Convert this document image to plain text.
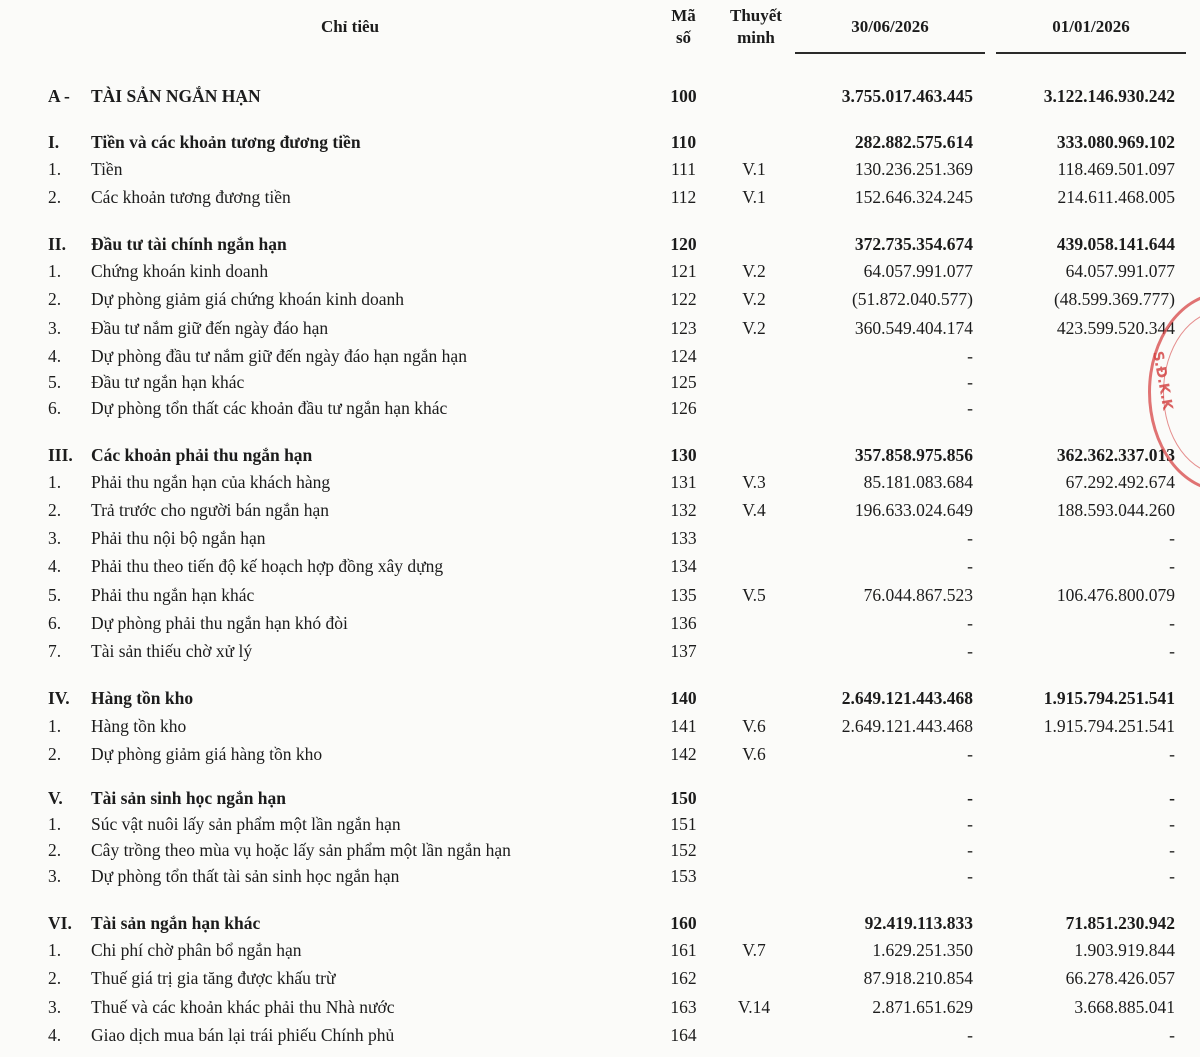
Chỉ tiêu
Mã
số
Thuyết
minh
30/06/2026	01/01/2026
A -	TÀI SẢN NGẮN HẠN	100	3.755.017.463.445	3.122.146.930.242
I.	Tiền và các khoản tương đương tiền	110	282.882.575.614	333.080.969.102
1.	Tiền	111	V.1	130.236.251.369	118.469.501.097
2.	Các khoản tương đương tiền	112	V.1	152.646.324.245	214.611.468.005
II.	Đầu tư tài chính ngắn hạn	120	372.735.354.674	439.058.141.644
1.	Chứng khoán kinh doanh	121	V.2	64.057.991.077	64.057.991.077
2.	Dự phòng giảm giá chứng khoán kinh doanh	122	V.2	(51.872.040.577)	(48.599.369.777)
3.	Đầu tư nắm giữ đến ngày đáo hạn	123	V.2	360.549.404.174	423.599.520.344
4.	Dự phòng đầu tư nắm giữ đến ngày đáo hạn ngắn hạn	124	-
5.	Đầu tư ngắn hạn khác	125	-
6.	Dự phòng tổn thất các khoản đầu tư ngắn hạn khác	126	-
III.	Các khoản phải thu ngắn hạn	130	357.858.975.856	362.362.337.013
1.	Phải thu ngắn hạn của khách hàng	131	V.3	85.181.083.684	67.292.492.674
2.	Trả trước cho người bán ngắn hạn	132	V.4	196.633.024.649	188.593.044.260
3.	Phải thu nội bộ ngắn hạn	133	-	-
4.	Phải thu theo tiến độ kế hoạch hợp đồng xây dựng	134	-	-
5.	Phải thu ngắn hạn khác	135	V.5	76.044.867.523	106.476.800.079
6.	Dự phòng phải thu ngắn hạn khó đòi	136	-	-
7.	Tài sản thiếu chờ xử lý	137	-	-
IV.	Hàng tồn kho	140	2.649.121.443.468	1.915.794.251.541
1.	Hàng tồn kho	141	V.6	2.649.121.443.468	1.915.794.251.541
2.	Dự phòng giảm giá hàng tồn kho	142	V.6	-	-
V.	Tài sản sinh học ngắn hạn	150	-	-
1.	Súc vật nuôi lấy sản phẩm một lần ngắn hạn	151	-	-
2.	Cây trồng theo mùa vụ hoặc lấy sản phẩm một lần ngắn hạn	152	-	-
3.	Dự phòng tổn thất tài sản sinh học ngắn hạn	153	-	-
VI.	Tài sản ngắn hạn khác	160	92.419.113.833	71.851.230.942
1.	Chi phí chờ phân bổ ngắn hạn	161	V.7	1.629.251.350	1.903.919.844
2.	Thuế giá trị gia tăng được khấu trừ	162	87.918.210.854	66.278.426.057
3.	Thuế và các khoản khác phải thu Nhà nước	163	V.14	2.871.651.629	3.668.885.041
4.	Giao dịch mua bán lại trái phiếu Chính phủ	164	-	-
S.Đ.K.K
